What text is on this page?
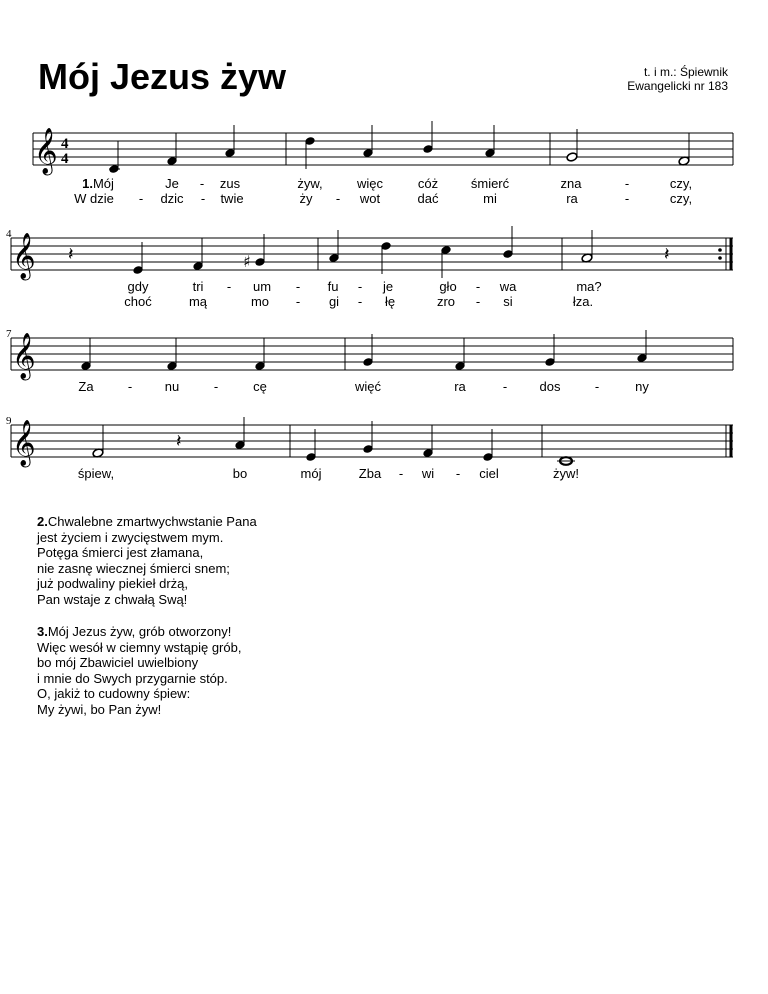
Mój Jezus żyw	t. i m.: Śpiewnik
Ewangelicki nr 183
𝄞 4
4
1.Mój	Je - zus	żyw,	więc	cóż	śmierć	zna	-	czy,
W dzie - dzic - twie	ży - wot	dać	mi	ra	-	czy,
4 𝄞 𝄽	♯	𝄽
gdy	tri - um - fu - je	gło - wa	ma?
choć	mą	mo - gi - łę	zro - si	łza.
7 𝄞
Za	-	nu	-	cę	więć	ra	- dos	-	ny
9 𝄞	𝄽
śpiew,	bo	mój	Zba - wi - ciel	żyw!
2.Chwalebne zmartwychwstanie Pana
jest życiem i zwycięstwem mym.
Potęga śmierci jest złamana,
nie zasnę wiecznej śmierci snem;
już podwaliny piekieł drżą,
Pan wstaje z chwałą Swą!
3.Mój Jezus żyw, grób otworzony!
Więc wesół w ciemny wstąpię grób,
bo mój Zbawiciel uwielbiony
i mnie do Swych przygarnie stóp.
O, jakiż to cudowny śpiew:
My żywi, bo Pan żyw!
